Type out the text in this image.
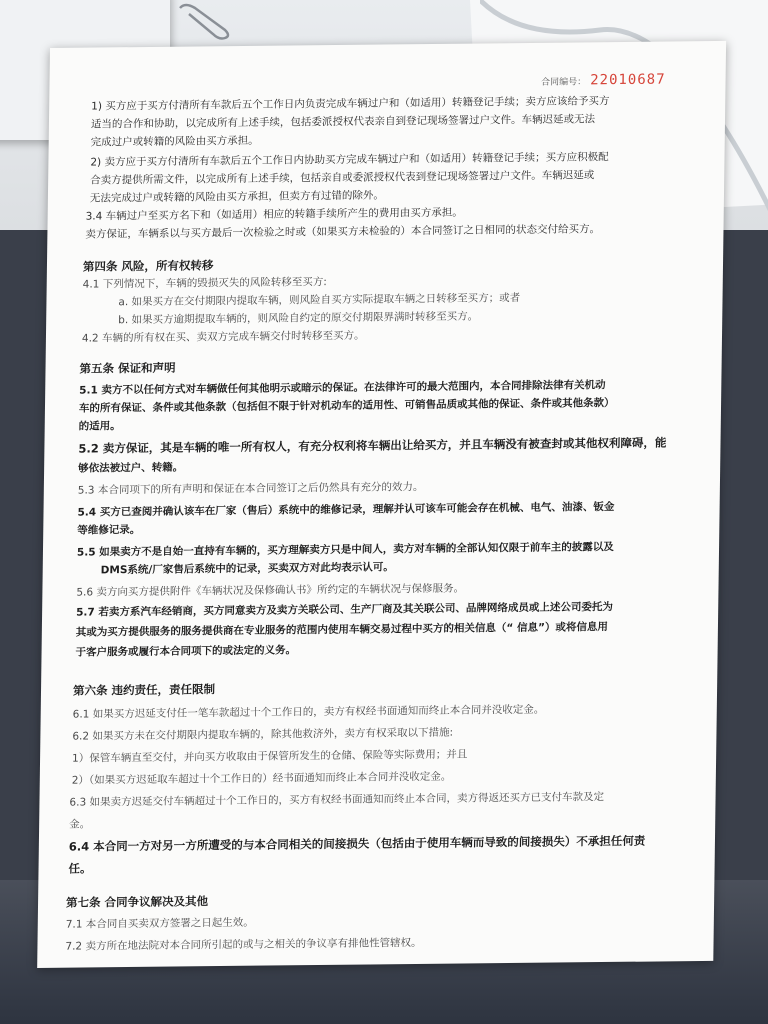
合同编号： 22010687
1) 买方应于买方付清所有车款后五个工作日内负责完成车辆过户和（如适用）转籍登记手续；卖方应该给予买方
适当的合作和协助，以完成所有上述手续，包括委派授权代表亲自到登记现场签署过户文件。车辆迟延或无法
完成过户或转籍的风险由买方承担。
2) 卖方应于买方付清所有车款后五个工作日内协助买方完成车辆过户和（如适用）转籍登记手续；买方应积极配
合卖方提供所需文件，以完成所有上述手续，包括亲自或委派授权代表到登记现场签署过户文件。车辆迟延或
无法完成过户或转籍的风险由买方承担，但卖方有过错的除外。
3.4 车辆过户至买方名下和（如适用）相应的转籍手续所产生的费用由买方承担。
卖方保证，车辆系以与买方最后一次检验之时或（如果买方未检验的）本合同签订之日相同的状态交付给买方。
第四条 风险，所有权转移
4.1 下列情况下，车辆的毁损灭失的风险转移至买方:
a. 如果买方在交付期限内提取车辆，则风险自买方实际提取车辆之日转移至买方；或者
b. 如果买方逾期提取车辆的，则风险自约定的原交付期限界满时转移至买方。
4.2 车辆的所有权在买、卖双方完成车辆交付时转移至买方。
第五条 保证和声明
5.1 卖方不以任何方式对车辆做任何其他明示或暗示的保证。在法律许可的最大范围内，本合同排除法律有关机动
车的所有保证、条件或其他条款（包括但不限于针对机动车的适用性、可销售品质或其他的保证、条件或其他条款）
的适用。
5.2 卖方保证，其是车辆的唯一所有权人，有充分权利将车辆出让给买方，并且车辆没有被查封或其他权利障碍，能
够依法被过户、转籍。
5.3 本合同项下的所有声明和保证在本合同签订之后仍然具有充分的效力。
5.4 买方已查阅并确认该车在厂家（售后）系统中的维修记录，理解并认可该车可能会存在机械、电气、油漆、钣金
等维修记录。
5.5 如果卖方不是自始一直持有车辆的，买方理解卖方只是中间人，卖方对车辆的全部认知仅限于前车主的披露以及
DMS系统/厂家售后系统中的记录，买卖双方对此均表示认可。
5.6 卖方向买方提供附件《车辆状况及保修确认书》所约定的车辆状况与保修服务。
5.7 若卖方系汽车经销商，买方同意卖方及卖方关联公司、生产厂商及其关联公司、品牌网络成员或上述公司委托为
其或为买方提供服务的服务提供商在专业服务的范围内使用车辆交易过程中买方的相关信息（“ 信息”）或将信息用
于客户服务或履行本合同项下的或法定的义务。
第六条 违约责任，责任限制
6.1 如果买方迟延支付任一笔车款超过十个工作日的，卖方有权经书面通知而终止本合同并没收定金。
6.2 如果买方未在交付期限内提取车辆的，除其他救济外，卖方有权采取以下措施:
1）保管车辆直至交付，并向买方收取由于保管所发生的仓储、保险等实际费用；并且
2）（如果买方迟延取车超过十个工作日的）经书面通知而终止本合同并没收定金。
6.3 如果卖方迟延交付车辆超过十个工作日的，买方有权经书面通知而终止本合同，卖方得返还买方已支付车款及定
金。
6.4 本合同一方对另一方所遭受的与本合同相关的间接损失（包括由于使用车辆而导致的间接损失）不承担任何责
任。
第七条 合同争议解决及其他
7.1 本合同自买卖双方签署之日起生效。
7.2 卖方所在地法院对本合同所引起的或与之相关的争议享有排他性管辖权。
